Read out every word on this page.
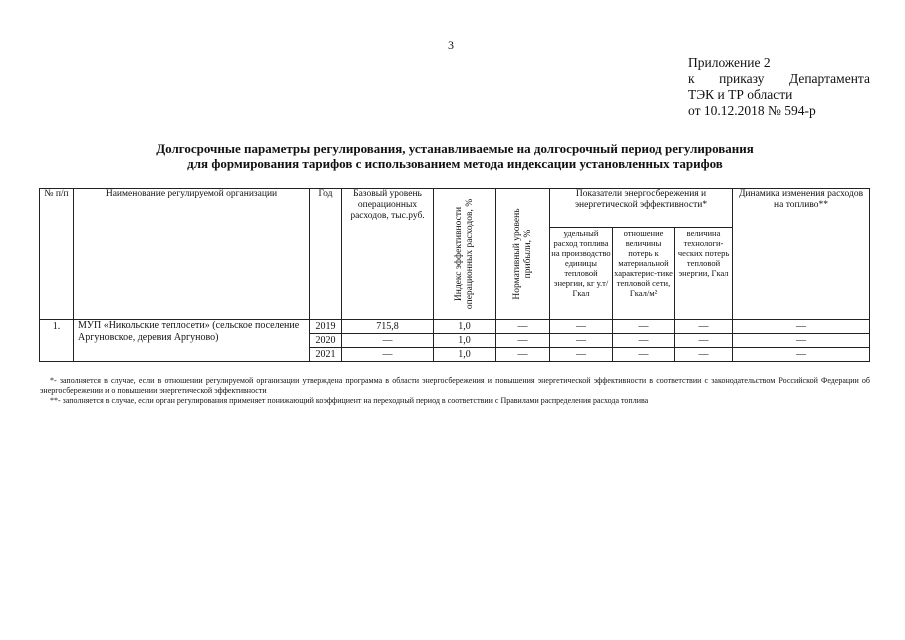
3
Приложение 2
к приказу Департамента
ТЭК и ТР области
от 10.12.2018 № 594-р
Долгосрочные параметры регулирования, устанавливаемые на долгосрочный период регулирования
для формирования тарифов с использованием метода индексации установленных тарифов
№ п/п	Наименование регулируемой организации	Год	Базовый уровень операционных расходов, тыс.руб.	Индекс эффективности операционных расходов, %	Нормативный уровень прибыли, %	Показатели энергосбережения и энергетической эффективности*			Динамика изменения расходов на топливо**
						удельный расход топлива на производство единицы тепловой энергии, кг у.т/Гкал	отношение величины потерь к материальной характерис-тике тепловой сети, Гкал/м²	величина технологи-ческих потерь тепловой энергии, Гкал	
1.	МУП «Никольские теплосети» (сельское поселение Аргуновское, деревия Аргуново)	2019	715,8	1,0	—	—	—	—	—
		2020	—	1,0	—	—	—	—	—
		2021	—	1,0	—	—	—	—	—
*- заполняется в случае, если в отношении регулируемой организации утверждена программа в области энергосбережения и повышения энергетической эффективности в соответствии с законодательством Российской Федерации об энергосбережении и о повышении энергетической эффективности
**- заполняется в случае, если орган регулирования применяет понижающий коэффициент на переходный период в соответствии с Правилами распределения расхода топлива
